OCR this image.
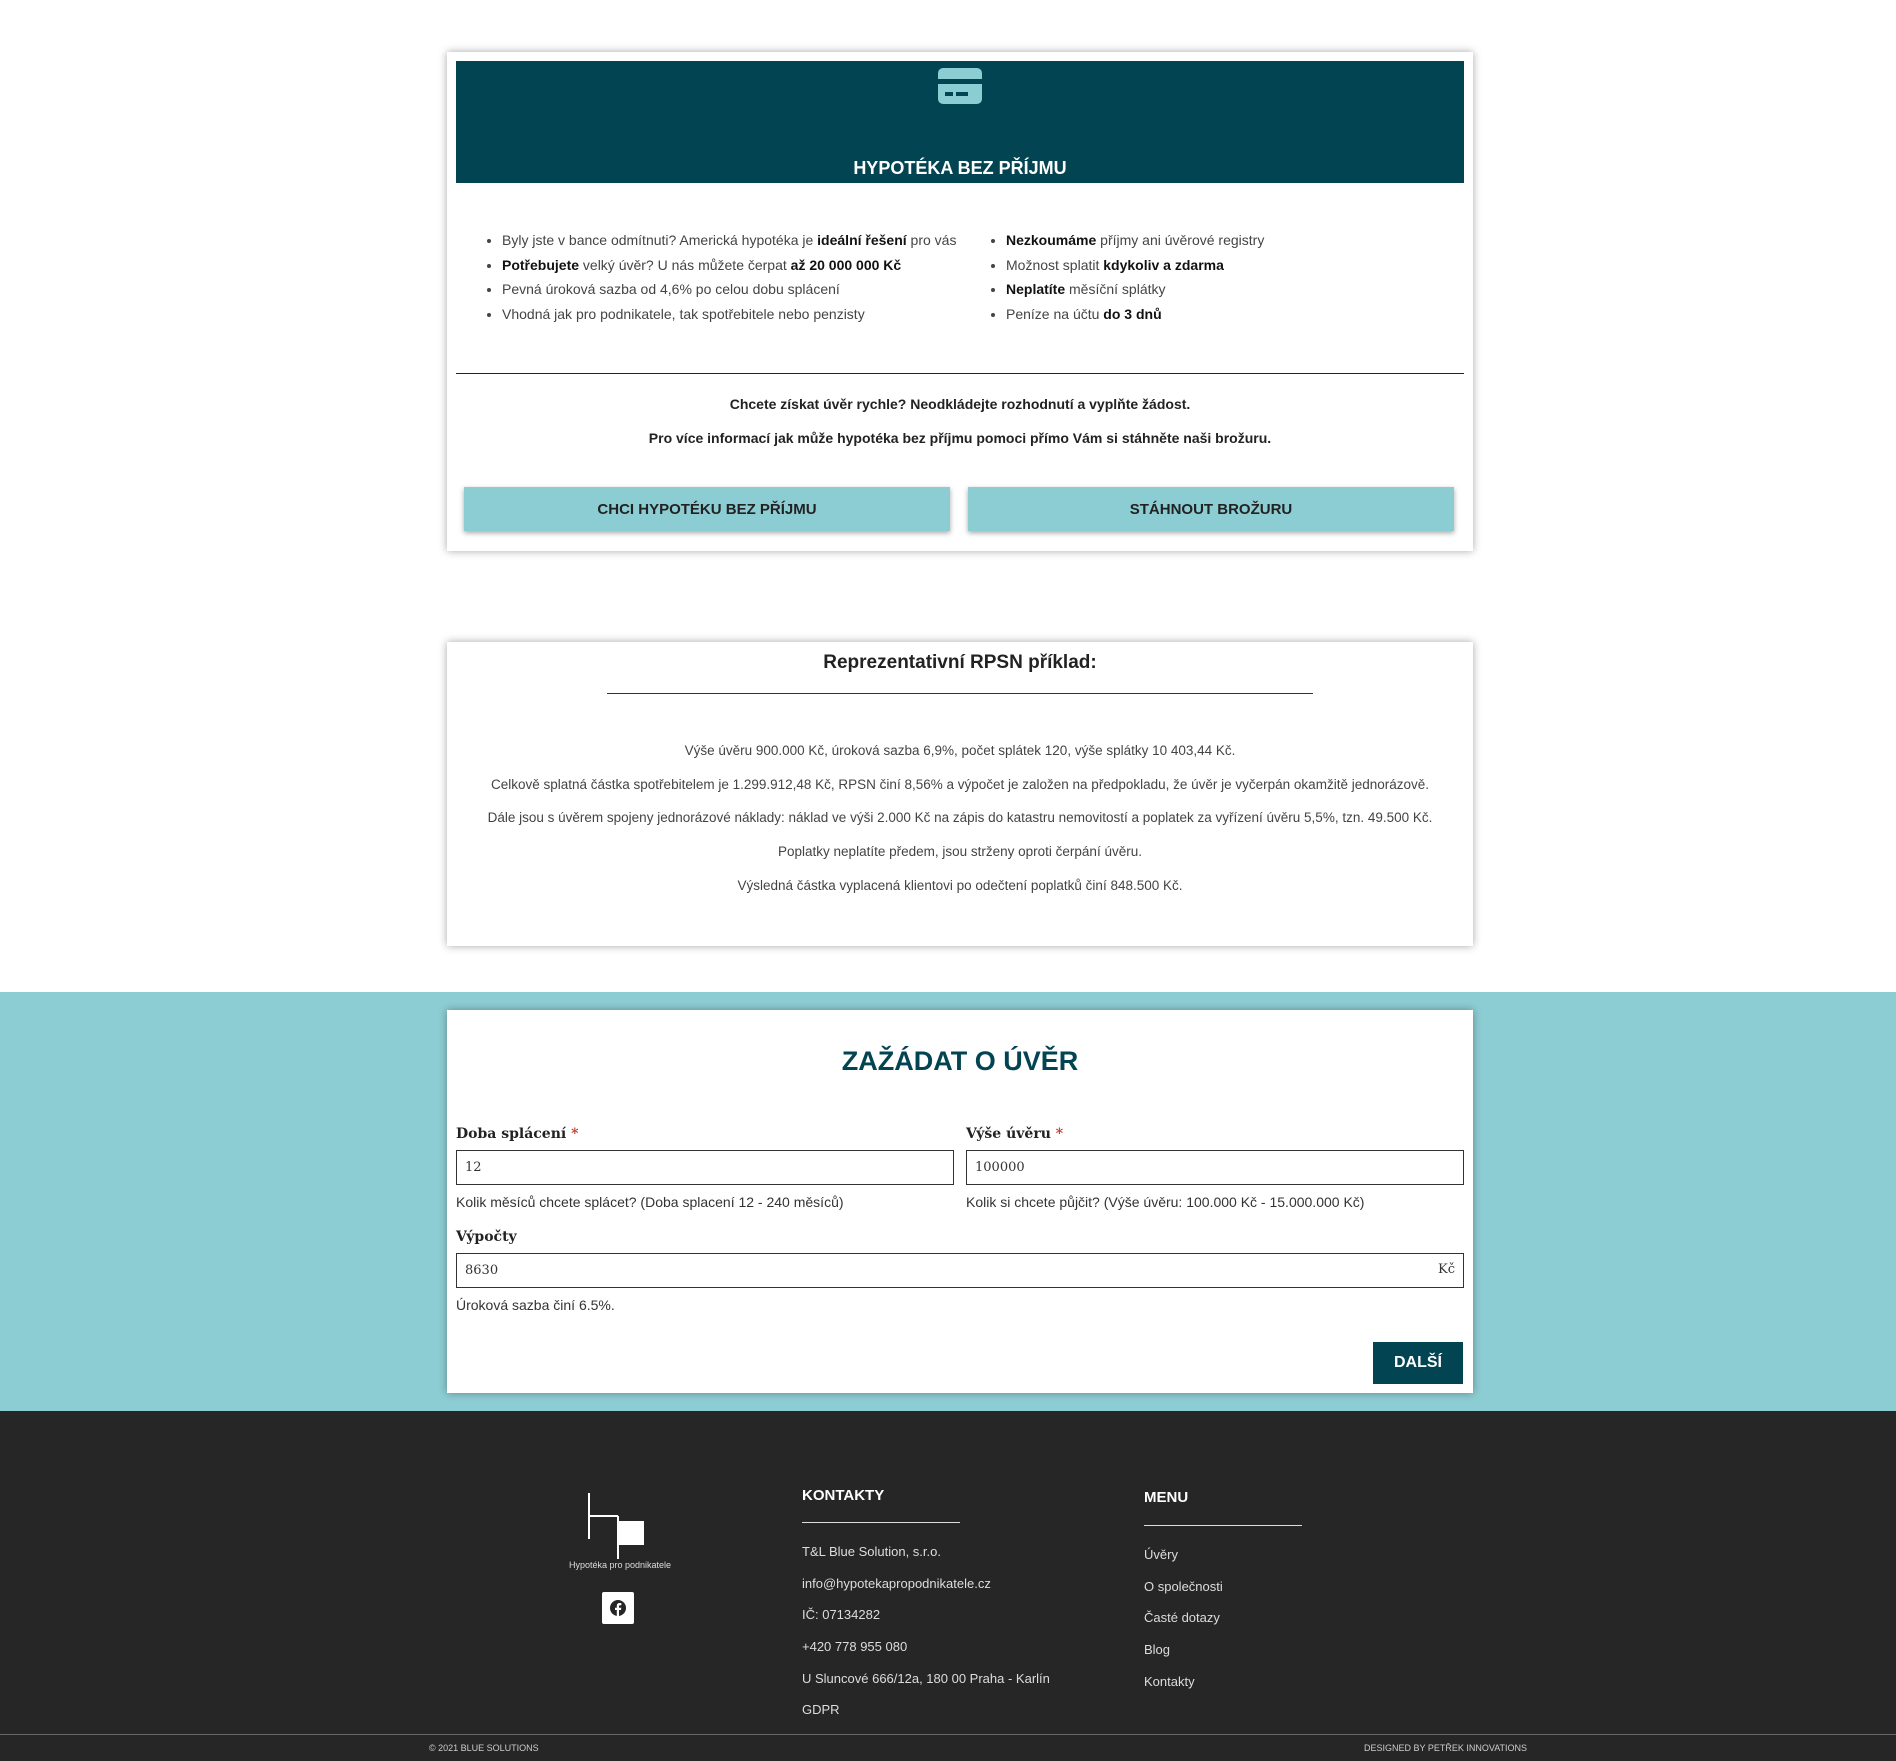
HYPOTÉKA BEZ PŘÍJMU
• Byly jste v bance odmítnuti? Americká hypotéka je ideální řešení pro vás
• Potřebujete velký úvěr? U nás můžete čerpat až 20 000 000 Kč
• Pevná úroková sazba od 4,6% po celou dobu splácení
• Vhodná jak pro podnikatele, tak spotřebitele nebo penzisty
• Nezkoumáme příjmy ani úvěrové registry
• Možnost splatit kdykoliv a zdarma
• Neplatíte měsíční splátky
• Peníze na účtu do 3 dnů
Chcete získat úvěr rychle? Neodkládejte rozhodnutí a vyplňte žádost.
Pro více informací jak může hypotéka bez příjmu pomoci přímo Vám si stáhněte naši brožuru.
CHCI HYPOTÉKU BEZ PŘÍJMU	STÁHNOUT BROŽURU
Reprezentativní RPSN příklad:
Výše úvěru 900.000 Kč, úroková sazba 6,9%, počet splátek 120, výše splátky 10 403,44 Kč.
Celkově splatná částka spotřebitelem je 1.299.912,48 Kč, RPSN činí 8,56% a výpočet je založen na předpokladu, že úvěr je vyčerpán okamžitě jednorázově.
Dále jsou s úvěrem spojeny jednorázové náklady: náklad ve výši 2.000 Kč na zápis do katastru nemovitostí a poplatek za vyřízení úvěru 5,5%, tzn. 49.500 Kč.
Poplatky neplatíte předem, jsou strženy oproti čerpání úvěru.
Výsledná částka vyplacená klientovi po odečtení poplatků činí 848.500 Kč.
ZAŽÁDAT O ÚVĚR
Doba splácení *
12
Kolik měsíců chcete splácet? (Doba splacení 12 - 240 měsíců)
Výše úvěru *
100000
Kolik si chcete půjčit? (Výše úvěru: 100.000 Kč - 15.000.000 Kč)
Výpočty
8630
Kč
Úroková sazba činí 6.5%.
DALŠÍ
Hypotéka pro podnikatele
KONTAKTY
T&L Blue Solution, s.r.o.
info@hypotekapropodnikatele.cz
IČ: 07134282
+420 778 955 080
U Sluncové 666/12a, 180 00 Praha - Karlín
GDPR
MENU
Úvěry
O společnosti
Časté dotazy
Blog
Kontakty
© 2021 BLUE SOLUTIONS	DESIGNED BY PETŘEK INNOVATIONS
